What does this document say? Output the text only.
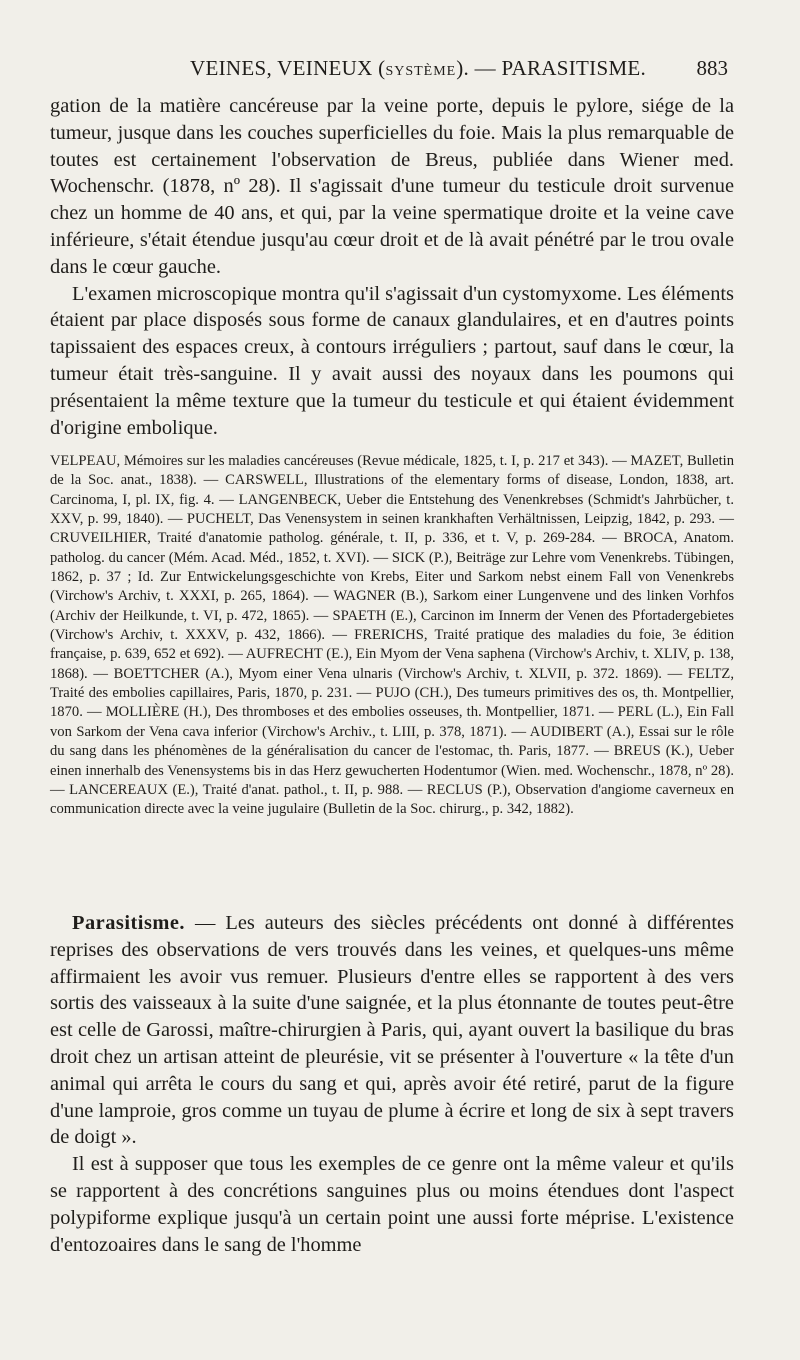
VEINES, VEINEUX (SYSTÈME). — PARASITISME. 883

gation de la matière cancéreuse par la veine porte, depuis le pylore, siége de la tumeur, jusque dans les couches superficielles du foie. Mais la plus remarquable de toutes est certainement l'observation de Breus, publiée dans Wiener med. Wochenschr. (1878, nº 28). Il s'agissait d'une tumeur du testicule droit survenue chez un homme de 40 ans, et qui, par la veine spermatique droite et la veine cave inférieure, s'était étendue jusqu'au cœur droit et de là avait pénétré par le trou ovale dans le cœur gauche.

L'examen microscopique montra qu'il s'agissait d'un cystomyxome. Les éléments étaient par place disposés sous forme de canaux glandulaires, et en d'autres points tapissaient des espaces creux, à contours irréguliers ; partout, sauf dans le cœur, la tumeur était très-sanguine. Il y avait aussi des noyaux dans les poumons qui présentaient la même texture que la tumeur du testicule et qui étaient évidemment d'origine embolique.

VELPEAU, Mémoires sur les maladies cancéreuses (Revue médicale, 1825, t. I, p. 217 et 343). — MAZET, Bulletin de la Soc. anat., 1838). — CARSWELL, Illustrations of the elementary forms of disease, London, 1838, art. Carcinoma, I, pl. IX, fig. 4. — LANGENBECK, Ueber die Entstehung des Venenkrebses (Schmidt's Jahrbücher, t. XXV, p. 99, 1840). — PUCHELT, Das Venensystem in seinen krankhaften Verhältnissen, Leipzig, 1842, p. 293. — CRUVEILHIER, Traité d'anatomie patholog. générale, t. II, p. 336, et t. V, p. 269-284. — BROCA, Anatom. patholog. du cancer (Mém. Acad. Méd., 1852, t. XVI). — SICK (P.), Beiträge zur Lehre vom Venenkrebs. Tübingen, 1862, p. 37 ; Id. Zur Entwickelungsgeschichte von Krebs, Eiter und Sarkom nebst einem Fall von Venenkrebs (Virchow's Archiv, t. XXXI, p. 265, 1864). — WAGNER (B.), Sarkom einer Lungenvene und des linken Vorhfos (Archiv der Heilkunde, t. VI, p. 472, 1865). — SPAETH (E.), Carcinon im Innerm der Venen des Pfortadergebietes (Virchow's Archiv, t. XXXV, p. 432, 1866). — FRERICHS, Traité pratique des maladies du foie, 3e édition française, p. 639, 652 et 692). — AUFRECHT (E.), Ein Myom der Vena saphena (Virchow's Archiv, t. XLIV, p. 138, 1868). — BOETTCHER (A.), Myom einer Vena ulnaris (Virchow's Archiv, t. XLVII, p. 372. 1869). — FELTZ, Traité des embolies capillaires, Paris, 1870, p. 231. — PUJO (CH.), Des tumeurs primitives des os, th. Montpellier, 1870. — MOLLIÈRE (H.), Des thromboses et des embolies osseuses, th. Montpellier, 1871. — PERL (L.), Ein Fall von Sarkom der Vena cava inferior (Virchow's Archiv., t. LIII, p. 378, 1871). — AUDIBERT (A.), Essai sur le rôle du sang dans les phénomènes de la généralisation du cancer de l'estomac, th. Paris, 1877. — BREUS (K.), Ueber einen innerhalb des Venensystems bis in das Herz gewucherten Hodentumor (Wien. med. Wochenschr., 1878, nº 28). — LANCEREAUX (E.), Traité d'anat. pathol., t. II, p. 988. — RECLUS (P.), Observation d'angiome caverneux en communication directe avec la veine jugulaire (Bulletin de la Soc. chirurg., p. 342, 1882).

Parasitisme. — Les auteurs des siècles précédents ont donné à différentes reprises des observations de vers trouvés dans les veines, et quelques-uns même affirmaient les avoir vus remuer. Plusieurs d'entre elles se rapportent à des vers sortis des vaisseaux à la suite d'une saignée, et la plus étonnante de toutes peut-être est celle de Garossi, maître-chirurgien à Paris, qui, ayant ouvert la basilique du bras droit chez un artisan atteint de pleurésie, vit se présenter à l'ouverture « la tête d'un animal qui arrêta le cours du sang et qui, après avoir été retiré, parut de la figure d'une lamproie, gros comme un tuyau de plume à écrire et long de six à sept travers de doigt ».

Il est à supposer que tous les exemples de ce genre ont la même valeur et qu'ils se rapportent à des concrétions sanguines plus ou moins étendues dont l'aspect polypiforme explique jusqu'à un certain point une aussi forte méprise. L'existence d'entozoaires dans le sang de l'homme
